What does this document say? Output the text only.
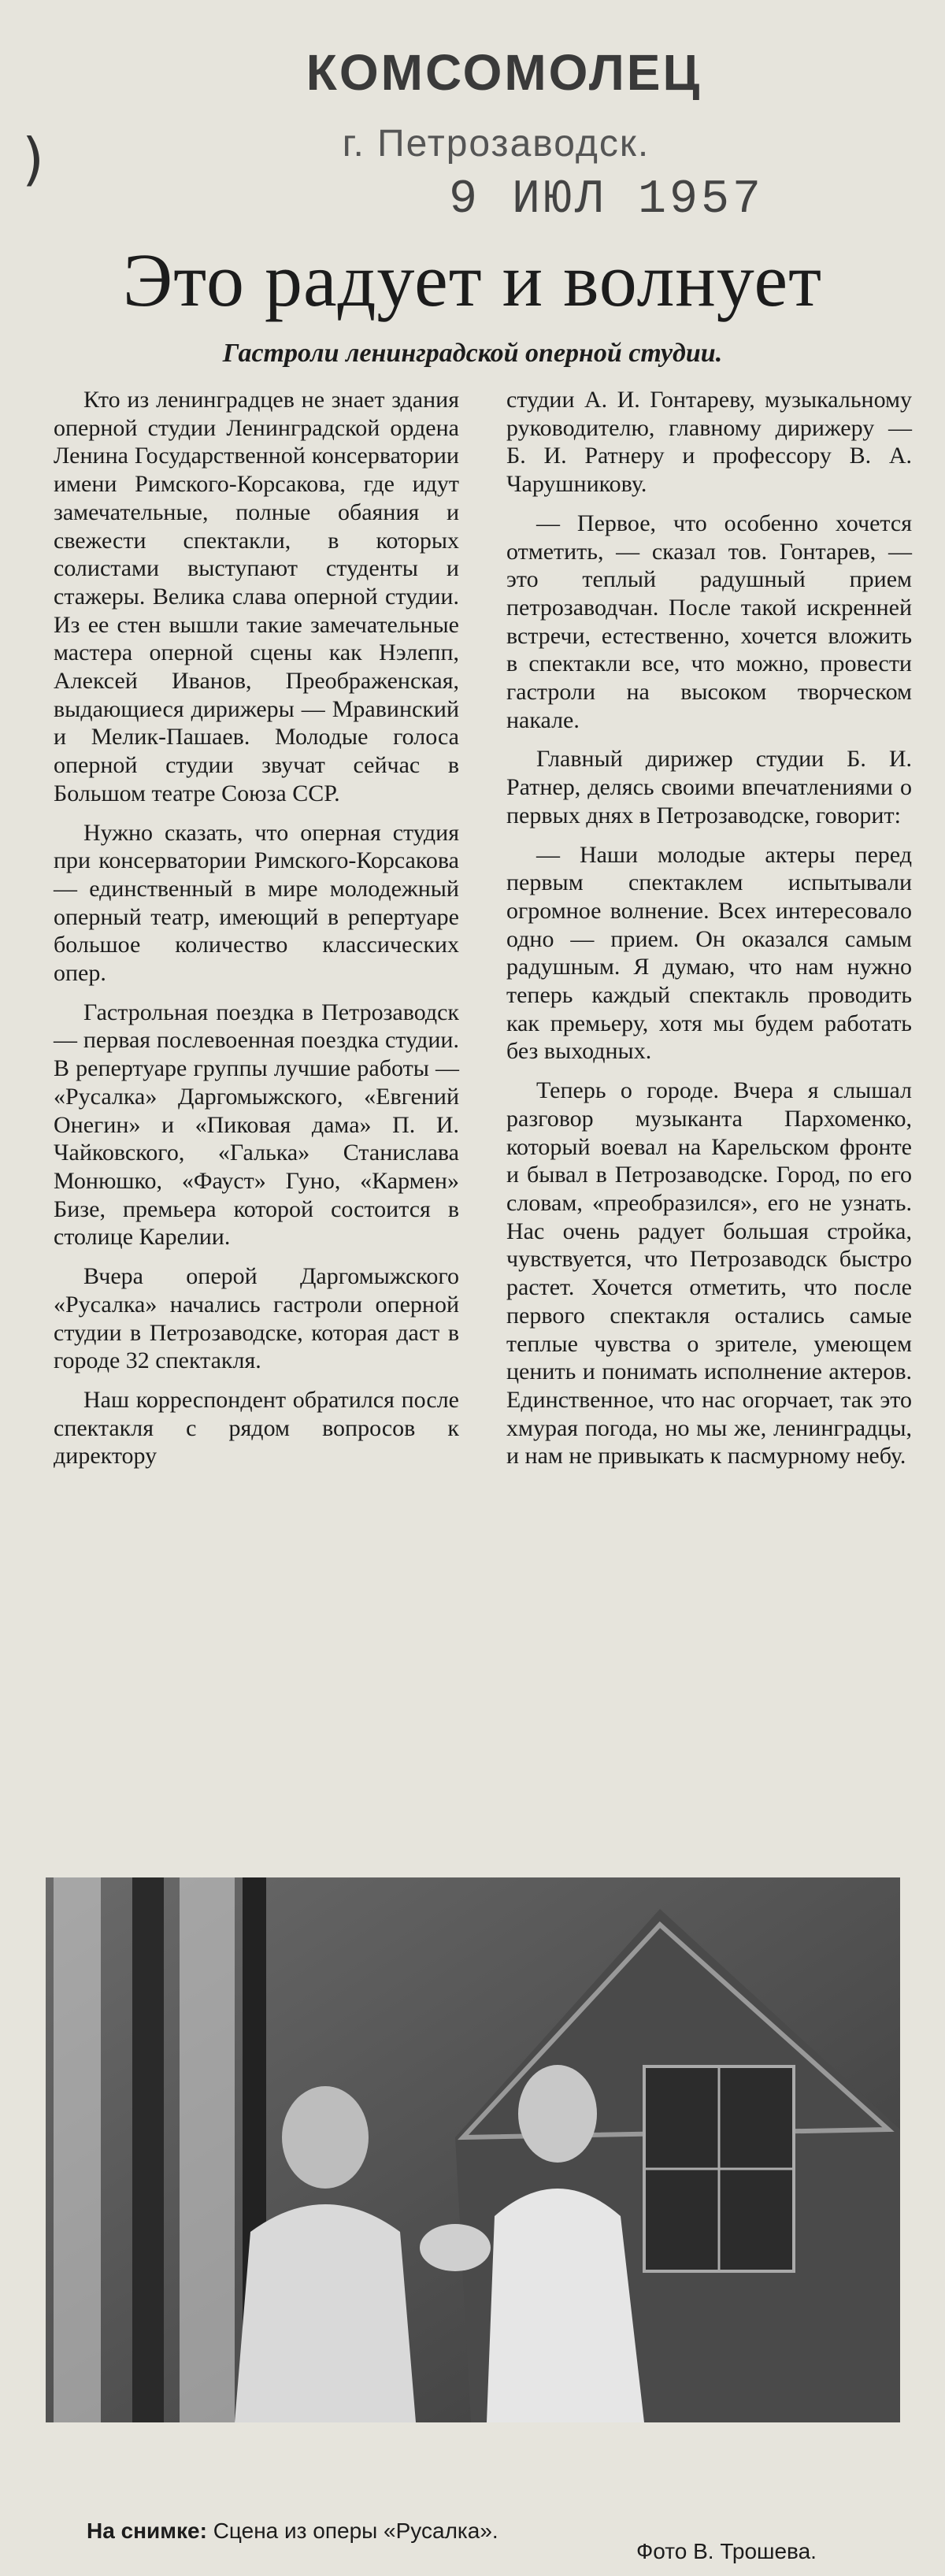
)
КОМСОМОЛЕЦ
г. Петрозаводск.
9 ИЮЛ 1957
Это радует и волнует
Гастроли ленинградской оперной студии.

Кто из ленинградцев не знает здания оперной студии Ленинградской ордена Ленина Государственной консерватории имени Римского-Корсакова, где идут замечательные, полные обаяния и свежести спектакли, в которых солистами выступают студенты и стажеры. Велика слава оперной студии. Из ее стен вышли такие замечательные мастера оперной сцены как Нэлепп, Алексей Иванов, Преображенская, выдающиеся дирижеры — Мравинский и Мелик-Пашаев. Молодые голоса оперной студии звучат сейчас в Большом театре Союза ССР.

Нужно сказать, что оперная студия при консерватории Римского-Корсакова — единственный в мире молодежный оперный театр, имеющий в репертуаре большое количество классических опер.

Гастрольная поездка в Петрозаводск — первая послевоенная поездка студии. В репертуаре группы лучшие работы — «Русалка» Даргомыжского, «Евгений Онегин» и «Пиковая дама» П. И. Чайковского, «Галька» Станислава Монюшко, «Фауст» Гуно, «Кармен» Бизе, премьера которой состоится в столице Карелии.

Вчера оперой Даргомыжского «Русалка» начались гастроли оперной студии в Петрозаводске, которая даст в городе 32 спектакля.

Наш корреспондент обратился после спектакля с рядом вопросов к директору

студии А. И. Гонтареву, музыкальному руководителю, главному дирижеру — Б. И. Ратнеру и профессору В. А. Чарушникову.

— Первое, что особенно хочется отметить, — сказал тов. Гонтарев, — это теплый радушный прием петрозаводчан. После такой искренней встречи, естественно, хочется вложить в спектакли все, что можно, провести гастроли на высоком творческом накале.

Главный дирижер студии Б. И. Ратнер, делясь своими впечатлениями о первых днях в Петрозаводске, говорит:

— Наши молодые актеры перед первым спектаклем испытывали огромное волнение. Всех интересовало одно — прием. Он оказался самым радушным. Я думаю, что нам нужно теперь каждый спектакль проводить как премьеру, хотя мы будем работать без выходных.

Теперь о городе. Вчера я слышал разговор музыканта Пархоменко, который воевал на Карельском фронте и бывал в Петрозаводске. Город, по его словам, «преобразился», его не узнать. Нас очень радует большая стройка, чувствуется, что Петрозаводск быстро растет. Хочется отметить, что после первого спектакля остались самые теплые чувства о зрителе, умеющем ценить и понимать исполнение актеров. Единственное, что нас огорчает, так это хмурая погода, но мы же, ленинградцы, и нам не привыкать к пасмурному небу.

На снимке: Сцена из оперы «Русалка».
Фото В. Трошева.
